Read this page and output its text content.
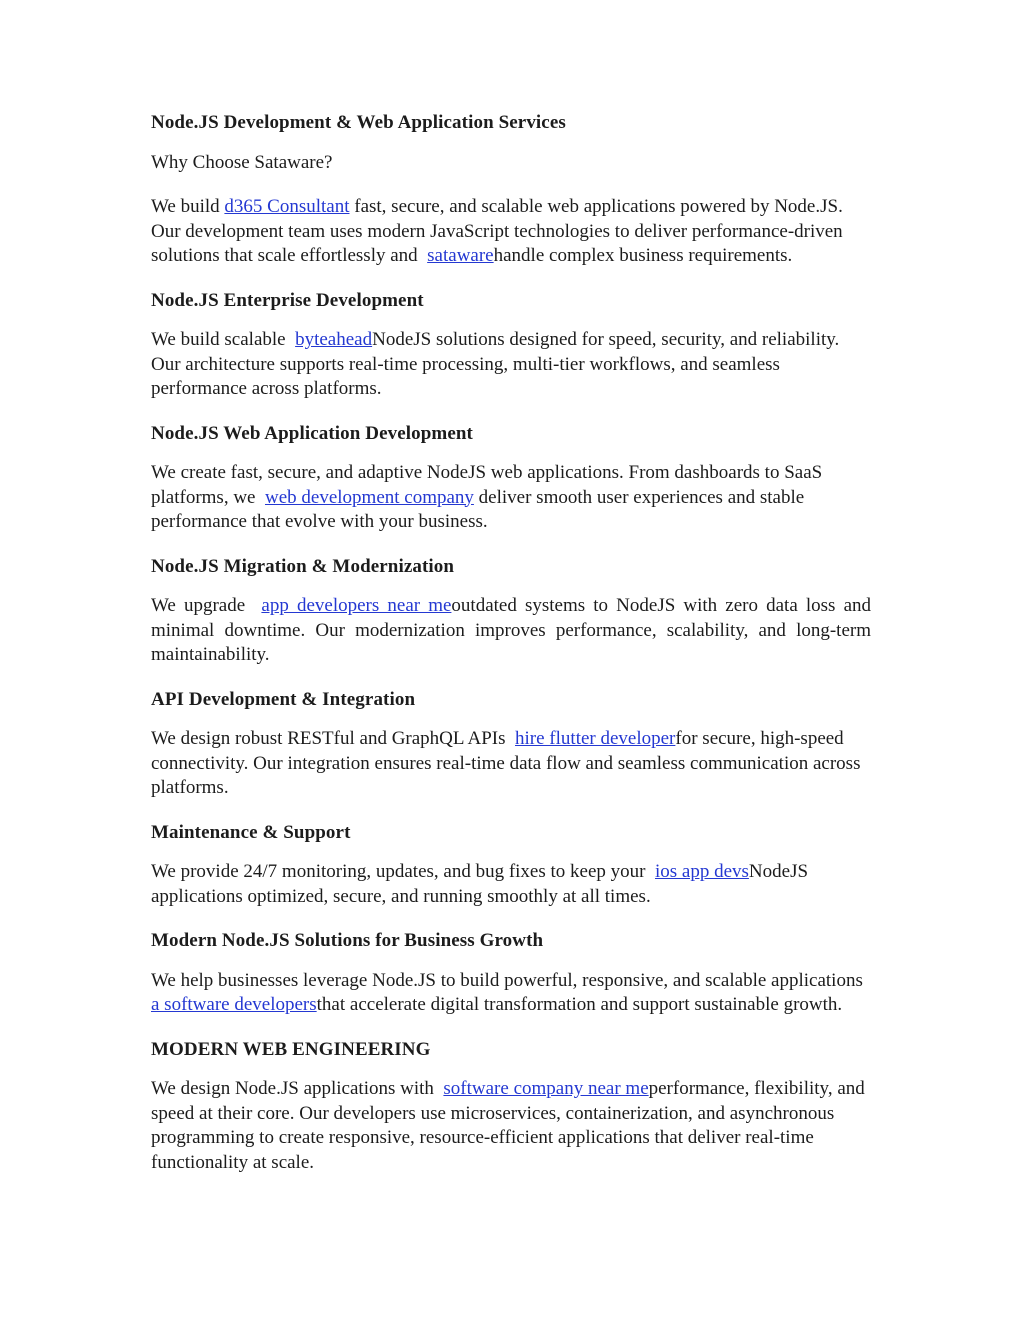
Node.JS Development & Web Application Services

Why Choose Sataware?

We build d365 Consultant fast, secure, and scalable web applications powered by Node.JS. Our development team uses modern JavaScript technologies to deliver performance-driven solutions that scale effortlessly and  satawarehandle complex business requirements.

Node.JS Enterprise Development

We build scalable  byteaheadNodeJS solutions designed for speed, security, and reliability. Our architecture supports real-time processing, multi-tier workflows, and seamless performance across platforms.

Node.JS Web Application Development

We create fast, secure, and adaptive NodeJS web applications. From dashboards to SaaS platforms, we  web development company deliver smooth user experiences and stable performance that evolve with your business.

Node.JS Migration & Modernization

We upgrade  app developers near meoutdated systems to NodeJS with zero data loss and minimal downtime. Our modernization improves performance, scalability, and long-term maintainability.

API Development & Integration

We design robust RESTful and GraphQL APIs  hire flutter developerfor secure, high-speed connectivity. Our integration ensures real-time data flow and seamless communication across platforms.

Maintenance & Support

We provide 24/7 monitoring, updates, and bug fixes to keep your  ios app devsNodeJS applications optimized, secure, and running smoothly at all times.

Modern Node.JS Solutions for Business Growth

We help businesses leverage Node.JS to build powerful, responsive, and scalable applications  a software developersthat accelerate digital transformation and support sustainable growth.

MODERN WEB ENGINEERING

We design Node.JS applications with  software company near meperformance, flexibility, and speed at their core. Our developers use microservices, containerization, and asynchronous programming to create responsive, resource-efficient applications that deliver real-time functionality at scale.
